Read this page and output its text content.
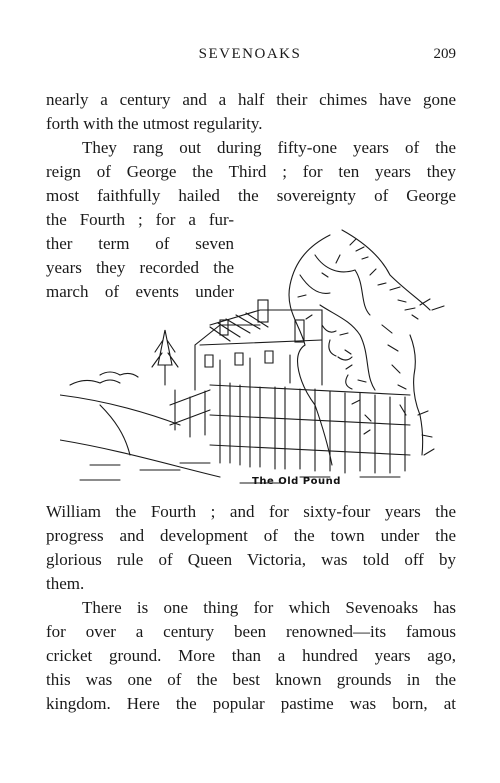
SEVENOAKS	209
nearly a century and a half their chimes have gone
forth with the utmost regularity.
They rang out during fifty-one years of the
reign of George the Third ; for ten years they
most faithfully hailed the sovereignty of George
the Fourth ; for a fur-
ther term of seven
years they recorded the
march of events under
The Old Pound
William the Fourth ; and for sixty-four years the
progress and development of the town under the
glorious rule of Queen Victoria, was told off by
them.
There is one thing for which Sevenoaks has
for over a century been renowned—its famous
cricket ground. More than a hundred years ago,
this was one of the best known grounds in the
kingdom. Here the popular pastime was born, at
